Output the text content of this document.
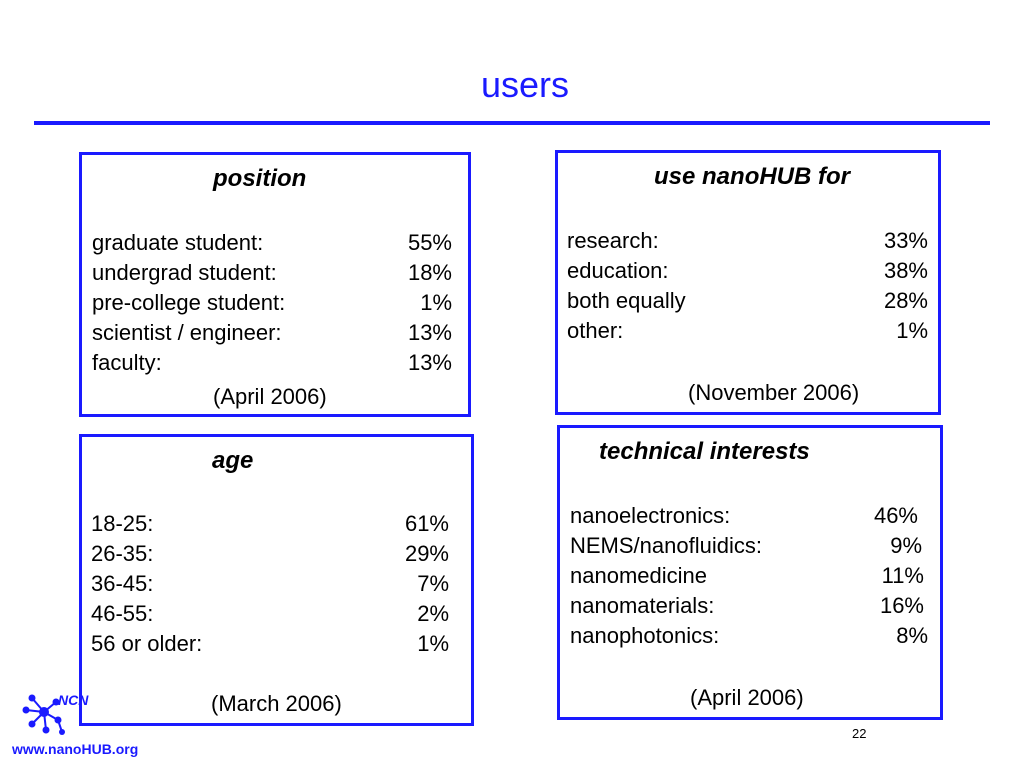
users
position
graduate student:	55%
undergrad student:	18%
pre-college student:	1%
scientist / engineer:	13%
faculty:	13%
(April 2006)
use nanoHUB for
research:	33%
education:	38%
both equally	28%
other:	1%
(November 2006)
age
18-25:	61%
26-35:	29%
36-45:	7%
46-55:	2%
56 or older:	1%
(March 2006)
technical interests
nanoelectronics:	46%
NEMS/nanofluidics:	9%
nanomedicine	11%
nanomaterials:	16%
nanophotonics:	8%
(April 2006)
22
NCN
www.nanoHUB.org
